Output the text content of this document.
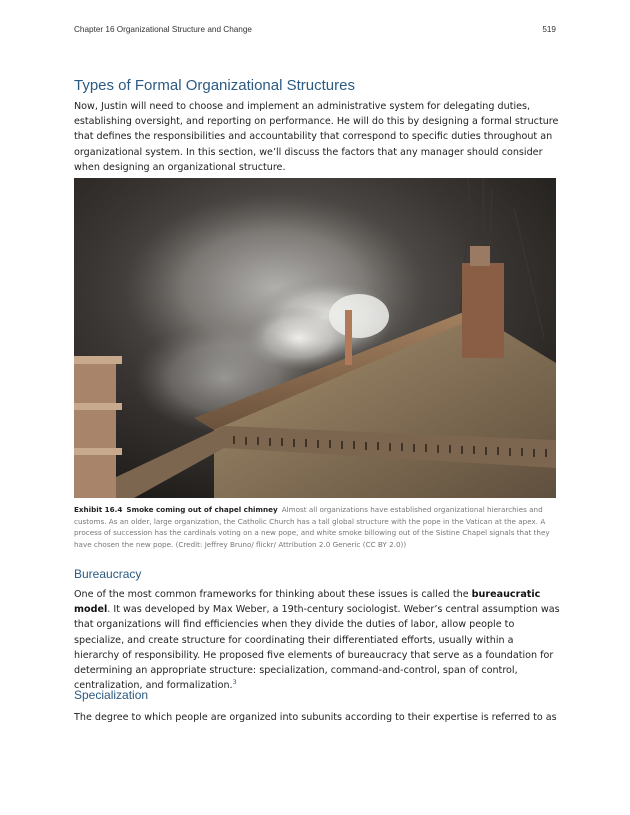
Chapter 16 Organizational Structure and Change	519
Types of Formal Organizational Structures

Now, Justin will need to choose and implement an administrative system for delegating duties, establishing oversight, and reporting on performance. He will do this by designing a formal structure that defines the responsibilities and accountability that correspond to specific duties throughout an organizational system. In this section, we’ll discuss the factors that any manager should consider when designing an organizational structure.

Exhibit 16.4 Smoke coming out of chapel chimney Almost all organizations have established organizational hierarchies and customs. As an older, large organization, the Catholic Church has a tall global structure with the pope in the Vatican at the apex. A process of succession has the cardinals voting on a new pope, and white smoke billowing out of the Sistine Chapel signals that they have chosen the new pope. (Credit: Jeffrey Bruno/ flickr/ Attribution 2.0 Generic (CC BY 2.0))

Bureaucracy

One of the most common frameworks for thinking about these issues is called the bureaucratic model. It was developed by Max Weber, a 19th-century sociologist. Weber’s central assumption was that organizations will find efficiencies when they divide the duties of labor, allow people to specialize, and create structure for coordinating their differentiated efforts, usually within a hierarchy of responsibility. He proposed five elements of bureaucracy that serve as a foundation for determining an appropriate structure: specialization, command-and-control, span of control, centralization, and formalization.$^3$

Specialization

The degree to which people are organized into subunits according to their expertise is referred to as
